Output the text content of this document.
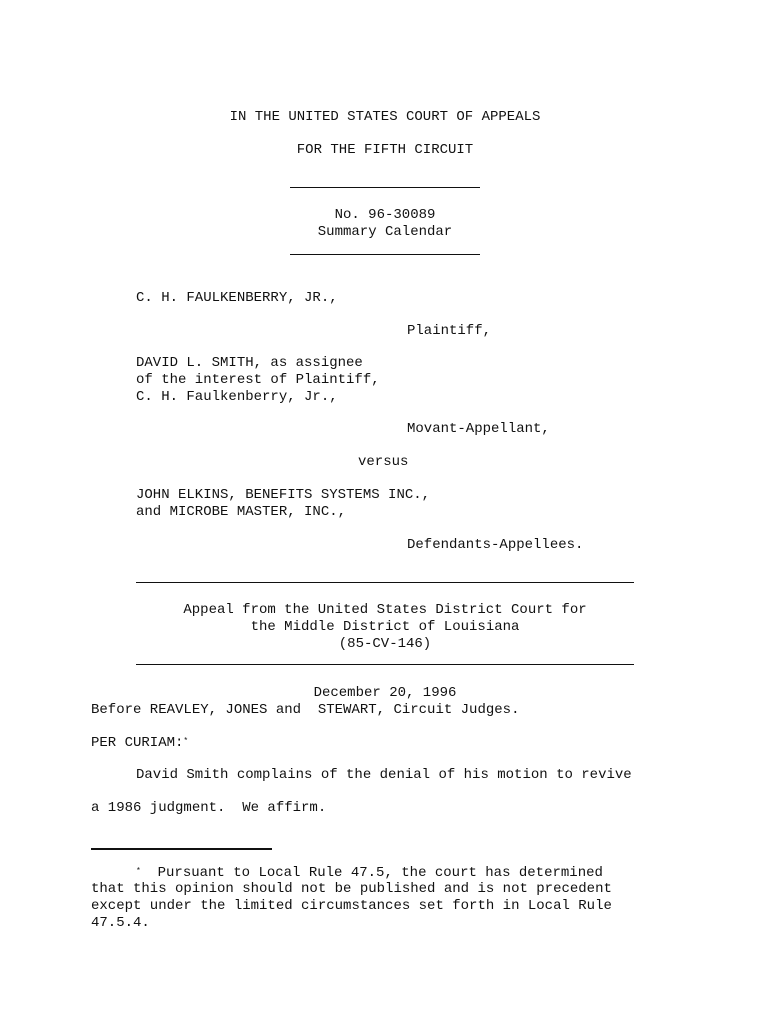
IN THE UNITED STATES COURT OF APPEALS
FOR THE FIFTH CIRCUIT
No. 96-30089
Summary Calendar
C. H. FAULKENBERRY, JR.,
Plaintiff,
DAVID L. SMITH, as assignee
of the interest of Plaintiff,
C. H. Faulkenberry, Jr.,
Movant-Appellant,
versus
JOHN ELKINS, BENEFITS SYSTEMS INC.,
and MICROBE MASTER, INC.,
Defendants-Appellees.
Appeal from the United States District Court for
the Middle District of Louisiana
(85-CV-146)
December 20, 1996
Before REAVLEY, JONES and  STEWART, Circuit Judges.
PER CURIAM:*
David Smith complains of the denial of his motion to revive
a 1986 judgment.  We affirm.
* Pursuant to Local Rule 47.5, the court has determined
that this opinion should not be published and is not precedent
except under the limited circumstances set forth in Local Rule
47.5.4.
